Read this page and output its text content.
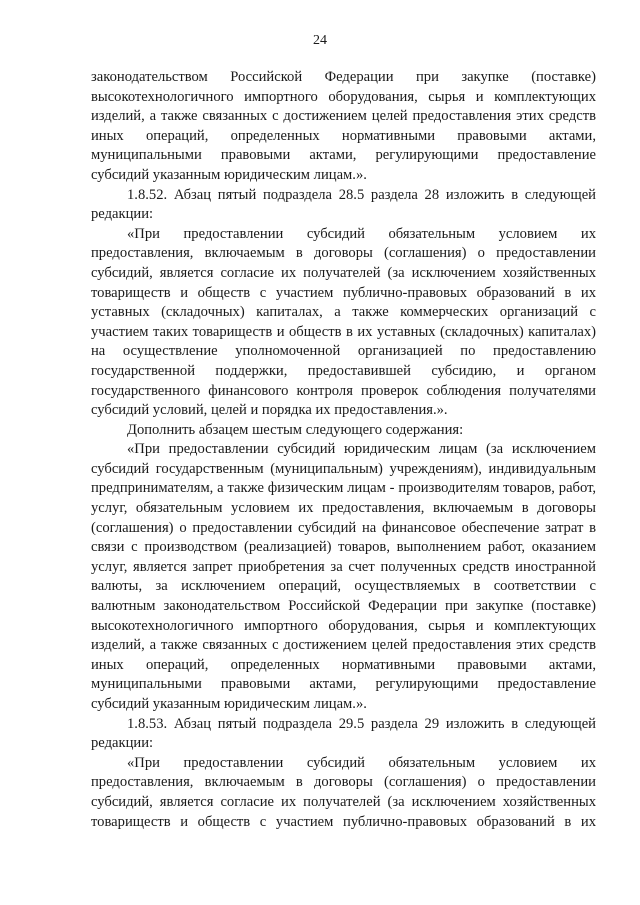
24

законодательством Российской Федерации при закупке (поставке) высокотехнологичного импортного оборудования, сырья и комплектующих изделий, а также связанных с достижением целей предоставления этих средств иных операций, определенных нормативными правовыми актами, муниципальными правовыми актами, регулирующими предоставление субсидий указанным юридическим лицам.».

1.8.52. Абзац пятый подраздела 28.5 раздела 28 изложить в следующей редакции:

«При предоставлении субсидий обязательным условием их предоставления, включаемым в договоры (соглашения) о предоставлении субсидий, является согласие их получателей (за исключением хозяйственных товариществ и обществ с участием публично-правовых образований в их уставных (складочных) капиталах, а также коммерческих организаций с участием таких товариществ и обществ в их уставных (складочных) капиталах) на осуществление уполномоченной организацией по предоставлению государственной поддержки, предоставившей субсидию, и органом государственного финансового контроля проверок соблюдения получателями субсидий условий, целей и порядка их предоставления.».

Дополнить абзацем шестым следующего содержания:

«При предоставлении субсидий юридическим лицам (за исключением субсидий государственным (муниципальным) учреждениям), индивидуальным предпринимателям, а также физическим лицам - производителям товаров, работ, услуг, обязательным условием их предоставления, включаемым в договоры (соглашения) о предоставлении субсидий на финансовое обеспечение затрат в связи с производством (реализацией) товаров, выполнением работ, оказанием услуг, является запрет приобретения за счет полученных средств иностранной валюты, за исключением операций, осуществляемых в соответствии с валютным законодательством Российской Федерации при закупке (поставке) высокотехнологичного импортного оборудования, сырья и комплектующих изделий, а также связанных с достижением целей предоставления этих средств иных операций, определенных нормативными правовыми актами, муниципальными правовыми актами, регулирующими предоставление субсидий указанным юридическим лицам.».

1.8.53. Абзац пятый подраздела 29.5 раздела 29 изложить в следующей редакции:

«При предоставлении субсидий обязательным условием их предоставления, включаемым в договоры (соглашения) о предоставлении субсидий, является согласие их получателей (за исключением хозяйственных товариществ и обществ с участием публично-правовых образований в их
